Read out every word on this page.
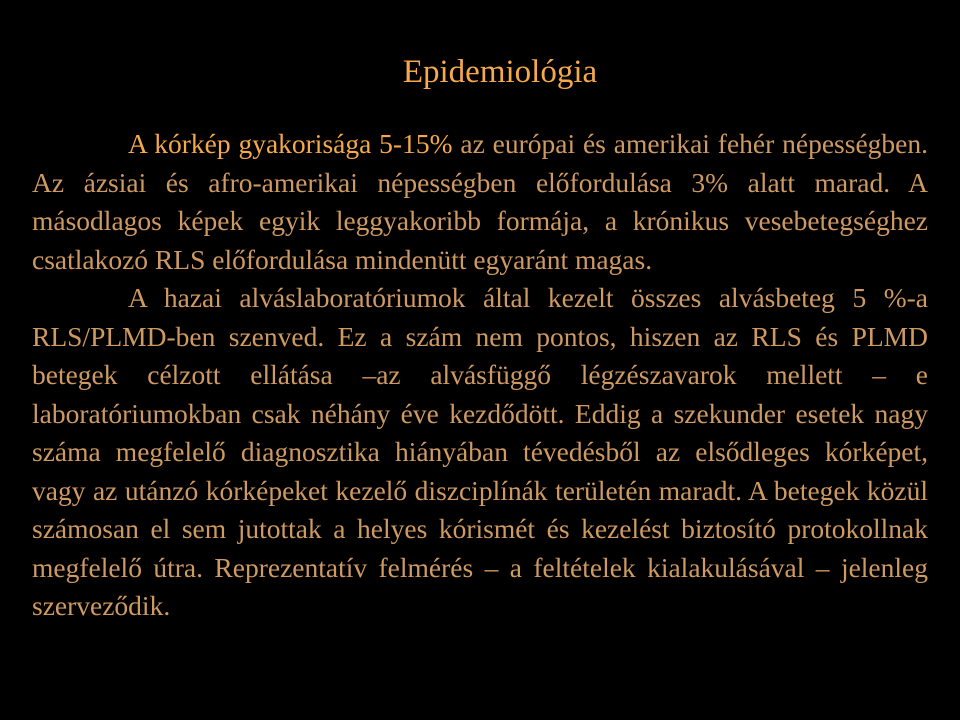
Epidemiológia

A kórkép gyakorisága 5-15% az európai és amerikai fehér népességben. Az ázsiai és afro-amerikai népességben előfordulása 3% alatt marad. A másodlagos képek egyik leggyakoribb formája, a krónikus vesebetegséghez csatlakozó RLS előfordulása mindenütt egyaránt magas.

A hazai alváslaboratóriumok által kezelt összes alvásbeteg 5 %-a RLS/PLMD-ben szenved. Ez a szám nem pontos, hiszen az RLS és PLMD betegek célzott ellátása –az alvásfüggő légzészavarok mellett – e laboratóriumokban csak néhány éve kezdődött. Eddig a szekunder esetek nagy száma megfelelő diagnosztika hiányában tévedésből az elsődleges kórképet, vagy az utánzó kórképeket kezelő diszciplínák területén maradt. A betegek közül számosan el sem jutottak a helyes kórismét és kezelést biztosító protokollnak megfelelő útra. Reprezentatív felmérés – a feltételek kialakulásával – jelenleg szerveződik.
